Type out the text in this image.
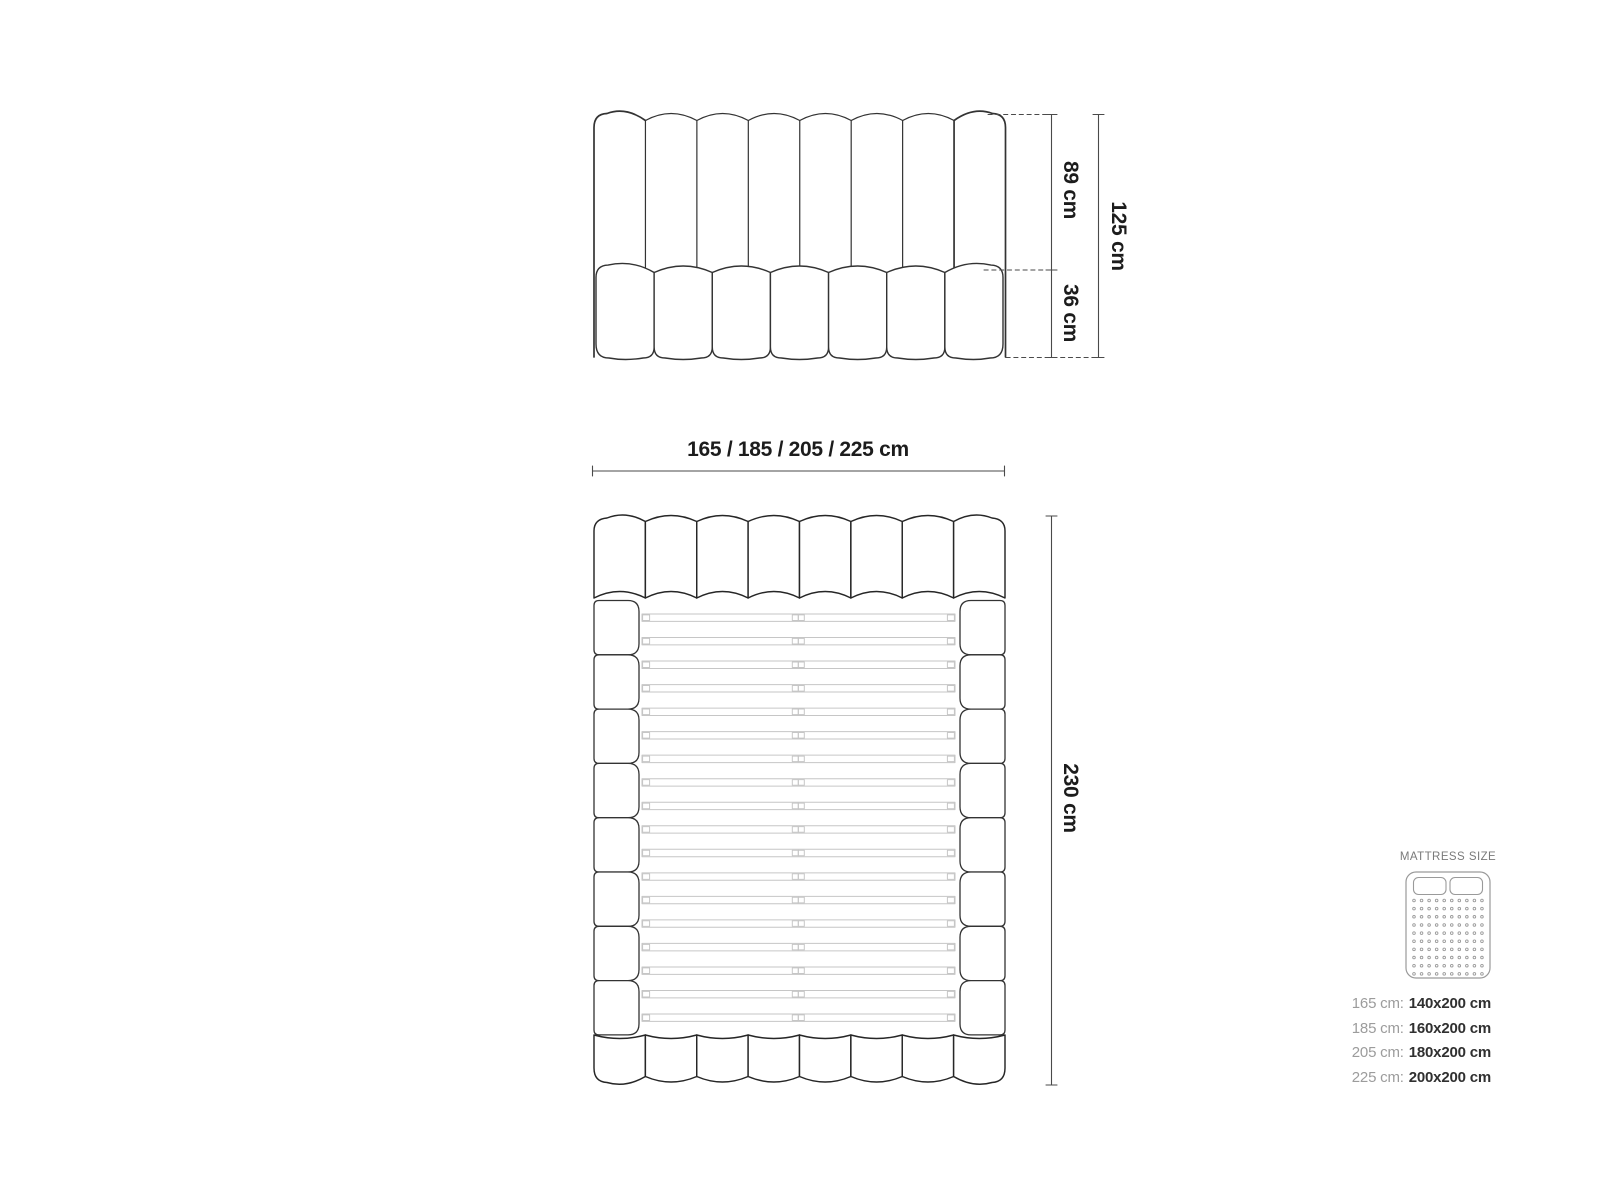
89 cm
36 cm
125 cm
165 / 185 / 205 / 225 cm
230 cm
MATTRESS SIZE
165 cm: 140x200 cm
185 cm: 160x200 cm
205 cm: 180x200 cm
225 cm: 200x200 cm
